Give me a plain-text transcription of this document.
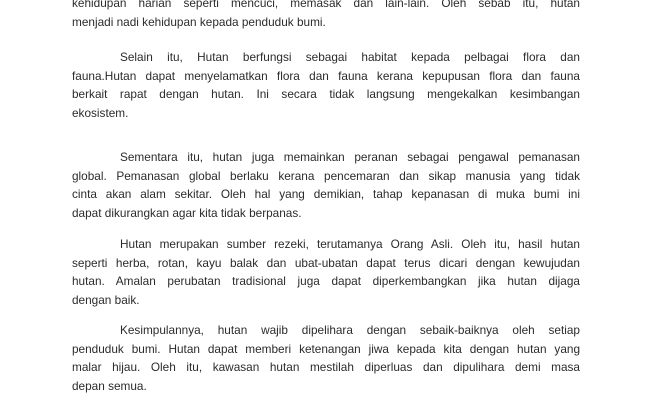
kehidupan harian seperti mencuci, memasak dan lain-lain. Oleh sebab itu, hutan
menjadi nadi kehidupan kepada penduduk bumi.
Selain itu, Hutan berfungsi sebagai habitat kepada pelbagai flora dan
fauna.Hutan dapat menyelamatkan flora dan fauna kerana kepupusan flora dan fauna
berkait rapat dengan hutan. Ini secara tidak langsung mengekalkan kesimbangan
ekosistem.
Sementara itu, hutan juga memainkan peranan sebagai pengawal pemanasan
global. Pemanasan global berlaku kerana pencemaran dan sikap manusia yang tidak
cinta akan alam sekitar. Oleh hal yang demikian, tahap kepanasan di muka bumi ini
dapat dikurangkan agar kita tidak berpanas.
Hutan merupakan sumber rezeki, terutamanya Orang Asli. Oleh itu, hasil hutan
seperti herba, rotan, kayu balak dan ubat-ubatan dapat terus dicari dengan kewujudan
hutan. Amalan perubatan tradisional juga dapat diperkembangkan jika hutan dijaga
dengan baik.
Kesimpulannya, hutan wajib dipelihara dengan sebaik-baiknya oleh setiap
penduduk bumi. Hutan dapat memberi ketenangan jiwa kepada kita dengan hutan yang
malar hijau. Oleh itu, kawasan hutan mestilah diperluas dan dipulihara demi masa
depan semua.
